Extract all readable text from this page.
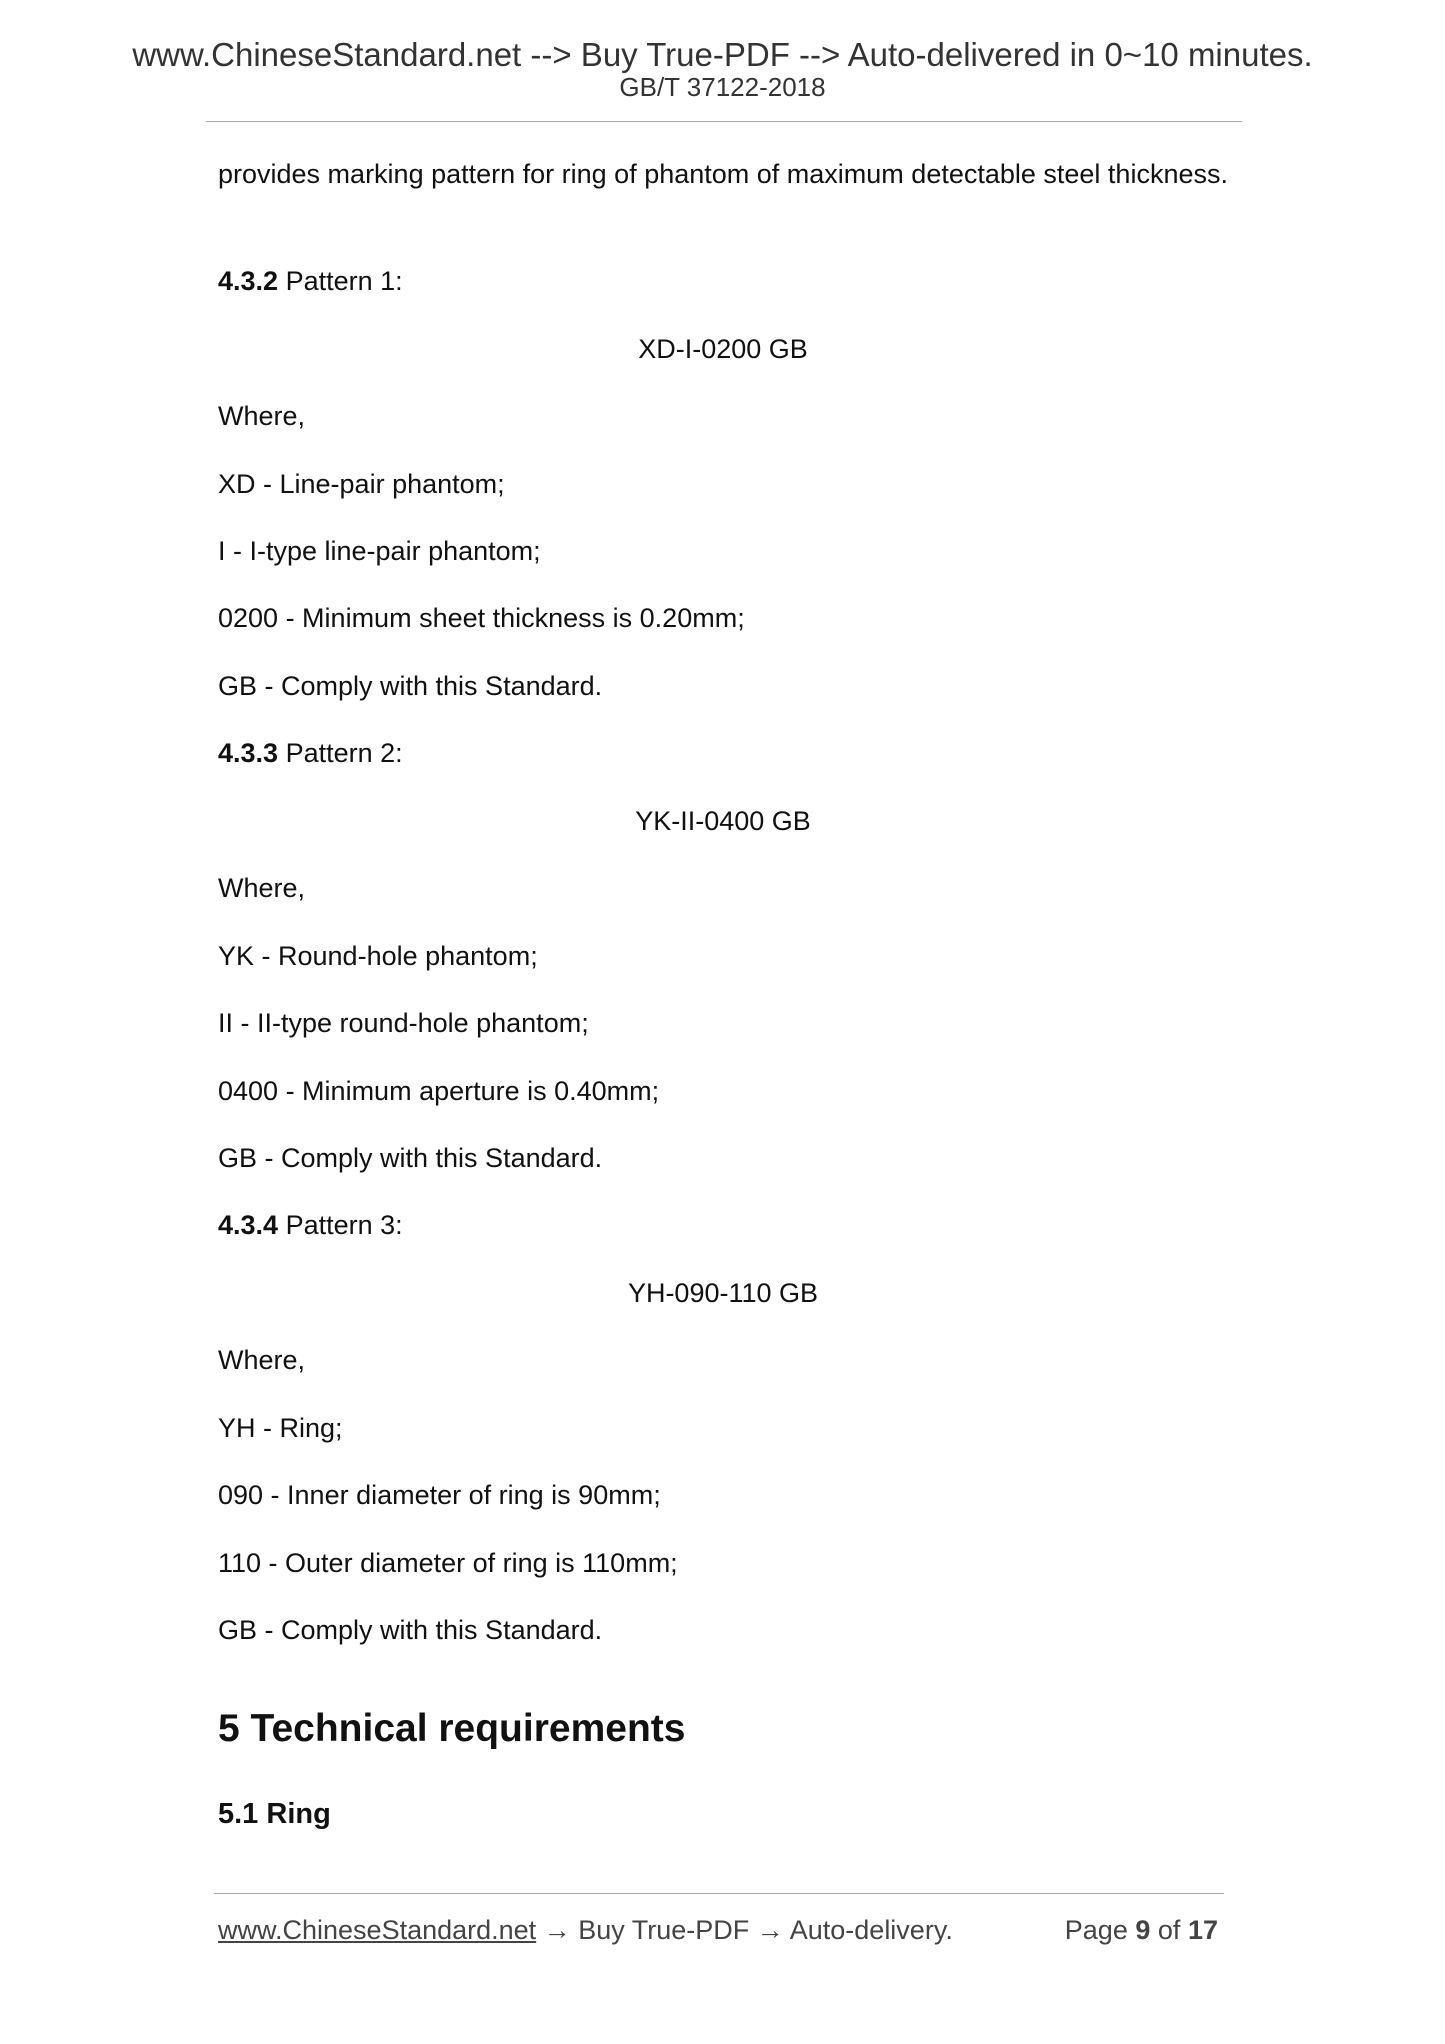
www.ChineseStandard.net --> Buy True-PDF --> Auto-delivered in 0~10 minutes.
GB/T 37122-2018

provides marking pattern for ring of phantom of maximum detectable steel thickness.

4.3.2 Pattern 1:

XD-I-0200 GB

Where,

XD - Line-pair phantom;

I - I-type line-pair phantom;

0200 - Minimum sheet thickness is 0.20mm;

GB - Comply with this Standard.

4.3.3 Pattern 2:

YK-II-0400 GB

Where,

YK - Round-hole phantom;

II - II-type round-hole phantom;

0400 - Minimum aperture is 0.40mm;

GB - Comply with this Standard.

4.3.4 Pattern 3:

YH-090-110 GB

Where,

YH - Ring;

090 - Inner diameter of ring is 90mm;

110 - Outer diameter of ring is 110mm;

GB - Comply with this Standard.

5 Technical requirements
5.1 Ring
www.ChineseStandard.net → Buy True-PDF → Auto-delivery.	Page 9 of 17
